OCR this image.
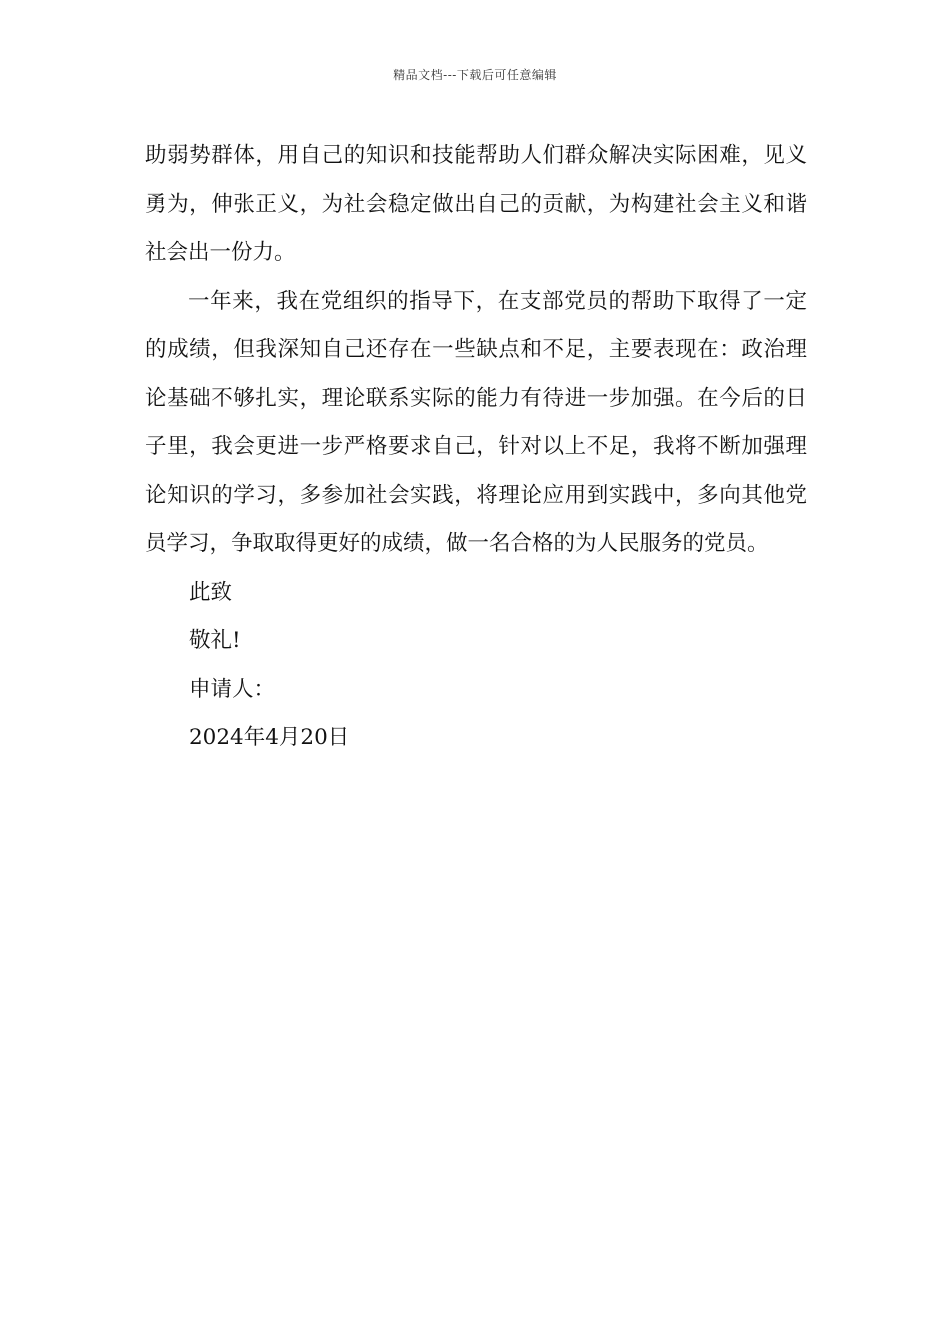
精品文档---下载后可任意编辑

助弱势群体，用自己的知识和技能帮助人们群众解决实际困难，见义勇为，伸张正义，为社会稳定做出自己的贡献，为构建社会主义和谐社会出一份力。

一年来，我在党组织的指导下，在支部党员的帮助下取得了一定的成绩，但我深知自己还存在一些缺点和不足，主要表现在：政治理论基础不够扎实，理论联系实际的能力有待进一步加强。在今后的日子里，我会更进一步严格要求自己，针对以上不足，我将不断加强理论知识的学习，多参加社会实践，将理论应用到实践中，多向其他党员学习，争取取得更好的成绩，做一名合格的为人民服务的党员。

此致

敬礼!

申请人：

2024年4月20日
